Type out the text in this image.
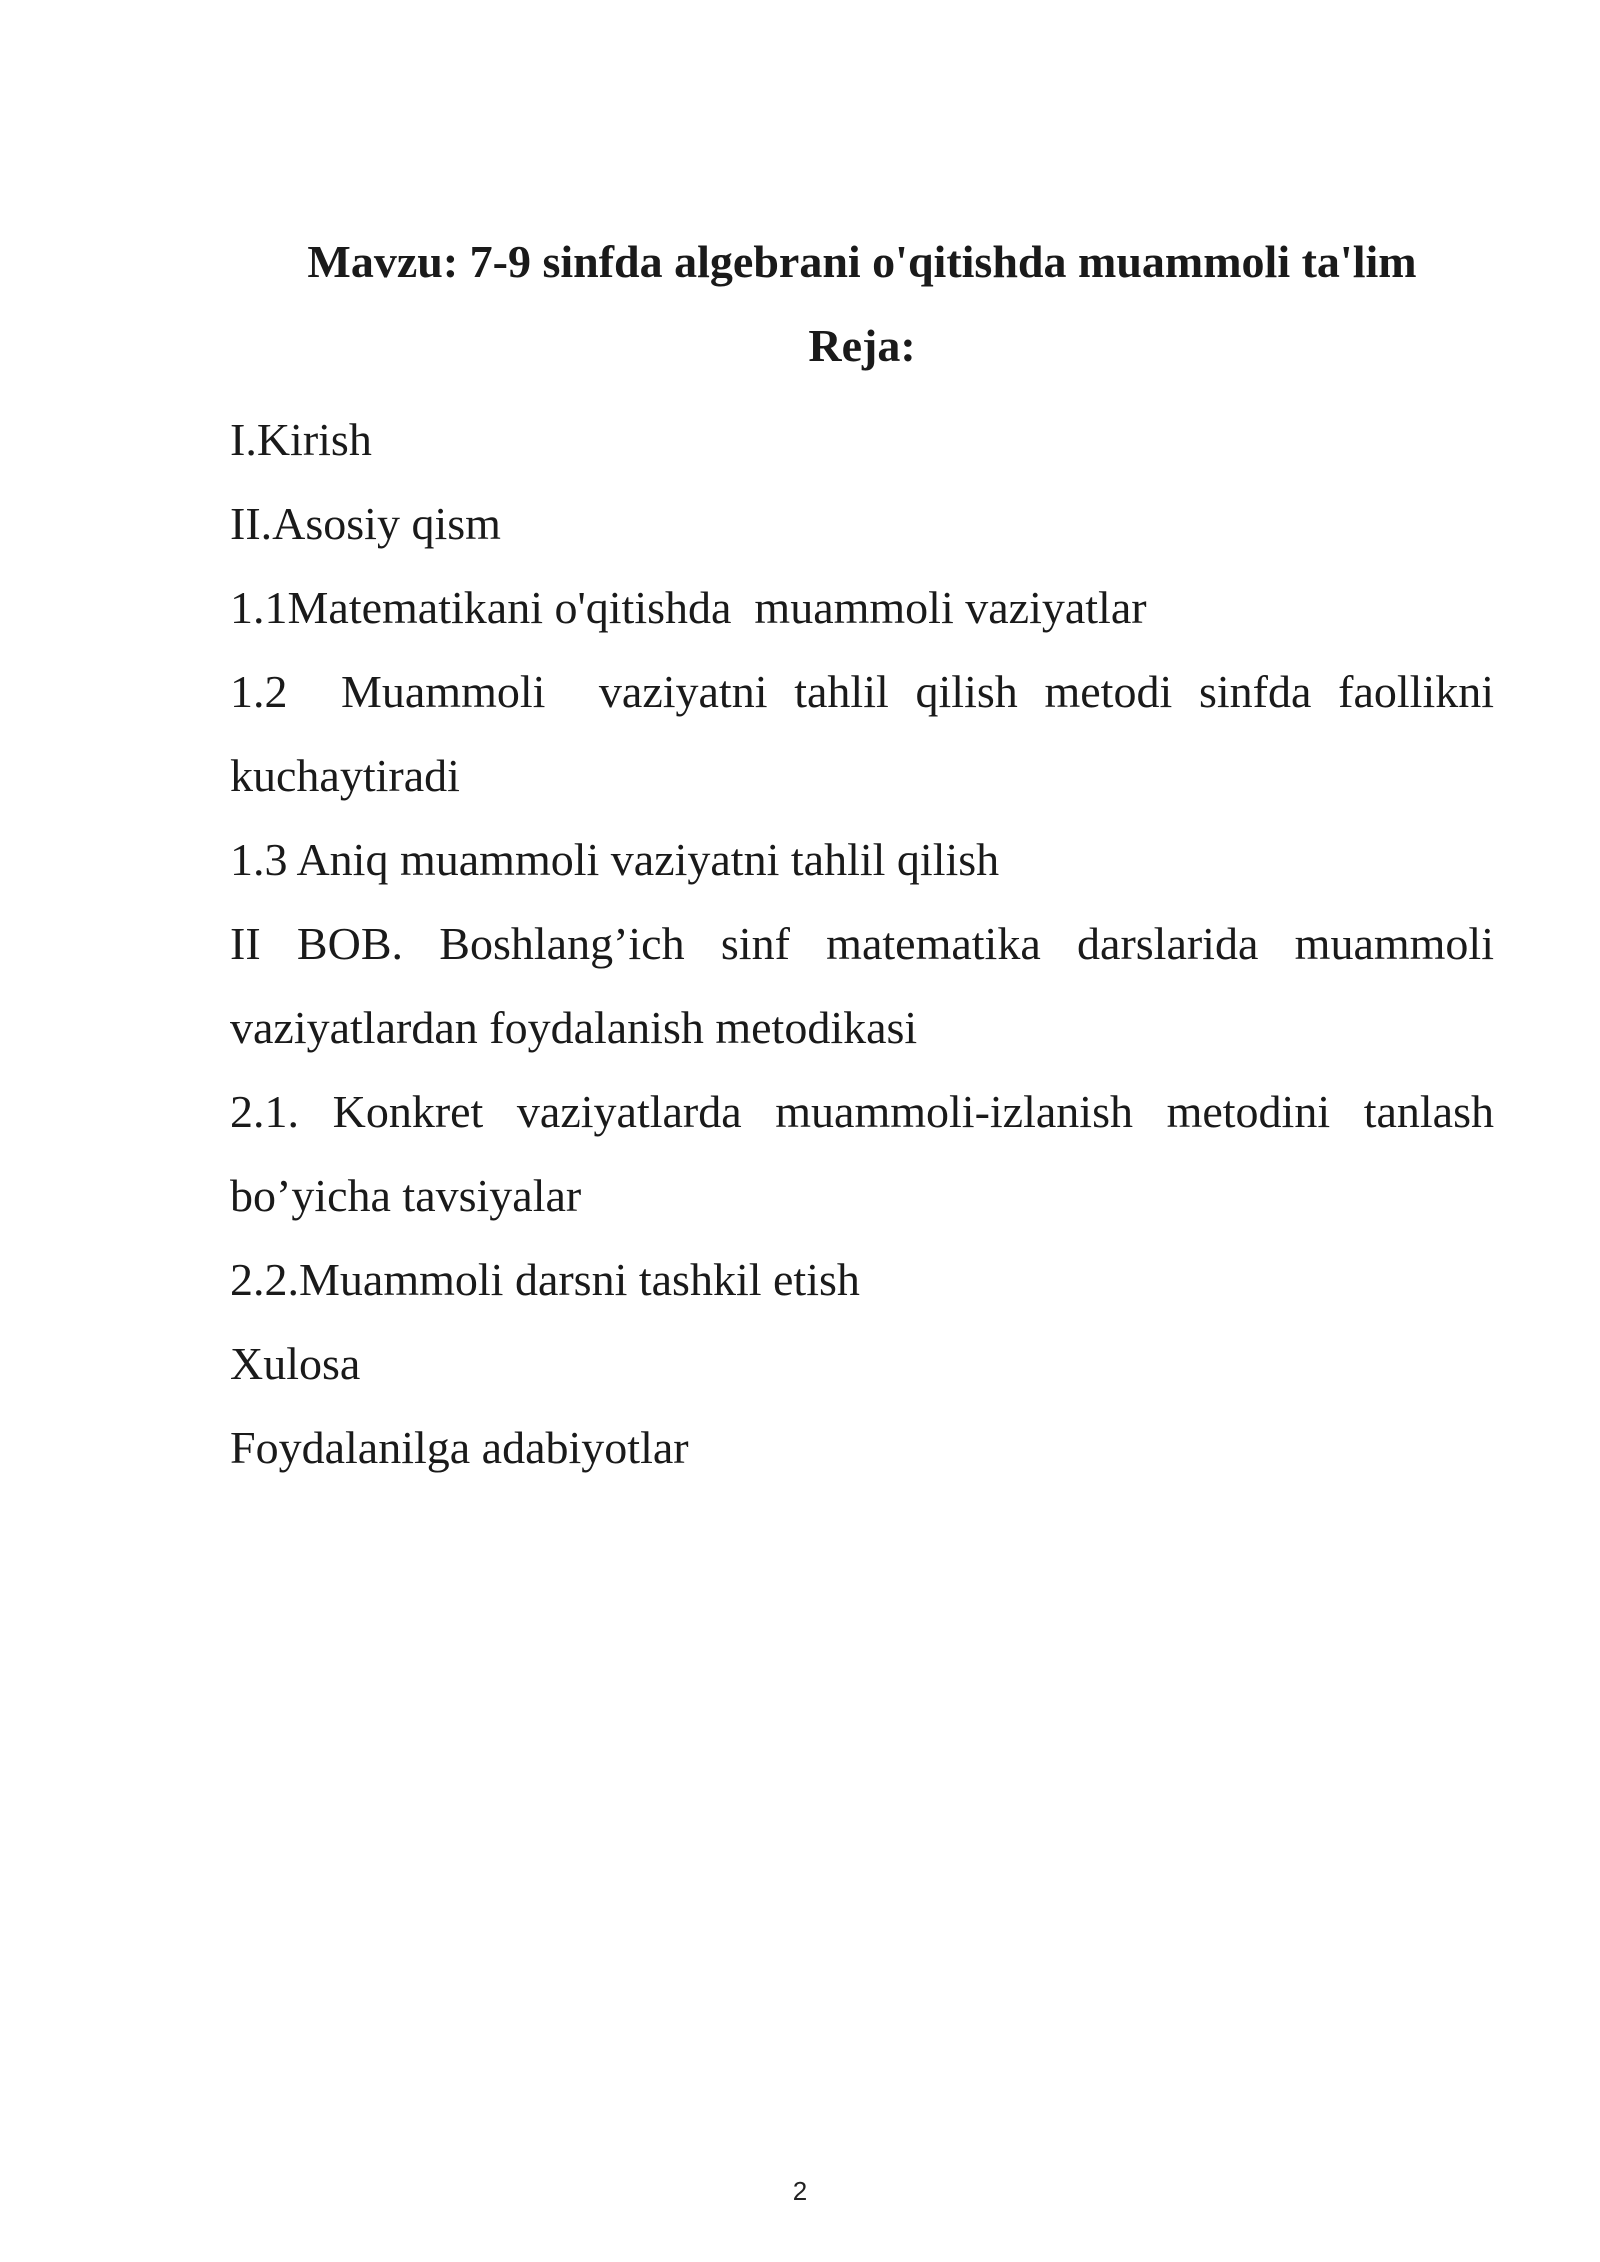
Mavzu: 7-9 sinfda algebrani o'qitishda muammoli ta'lim
Reja:
I.Kirish
II.Asosiy qism
1.1Matematikani o'qitishda  muammoli vaziyatlar
1.2  Muammoli  vaziyatni tahlil qilish metodi sinfda faollikni kuchaytiradi
1.3 Aniq muammoli vaziyatni tahlil qilish
II BOB. Boshlang’ich sinf matematika darslarida muammoli vaziyatlardan foydalanish metodikasi
2.1. Konkret vaziyatlarda muammoli-izlanish metodini tanlash bo’yicha tavsiyalar
2.2.Muammoli darsni tashkil etish
Xulosa
Foydalanilga adabiyotlar
2
